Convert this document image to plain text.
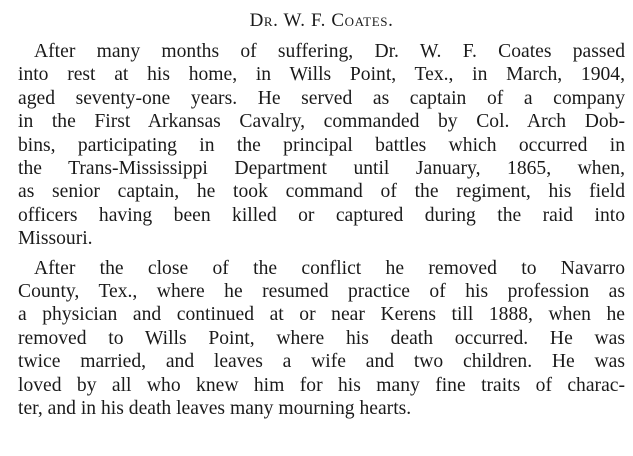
Dr. W. F. Coates.
After many months of suffering, Dr. W. F. Coates passed
into rest at his home, in Wills Point, Tex., in March, 1904,
aged seventy-one years. He served as captain of a company
in the First Arkansas Cavalry, commanded by Col. Arch Dob-
bins, participating in the principal battles which occurred in
the Trans-Mississippi Department until January, 1865, when,
as senior captain, he took command of the regiment, his field
officers having been killed or captured during the raid into
Missouri.
After the close of the conflict he removed to Navarro
County, Tex., where he resumed practice of his profession as
a physician and continued at or near Kerens till 1888, when he
removed to Wills Point, where his death occurred. He was
twice married, and leaves a wife and two children. He was
loved by all who knew him for his many fine traits of charac-
ter, and in his death leaves many mourning hearts.
